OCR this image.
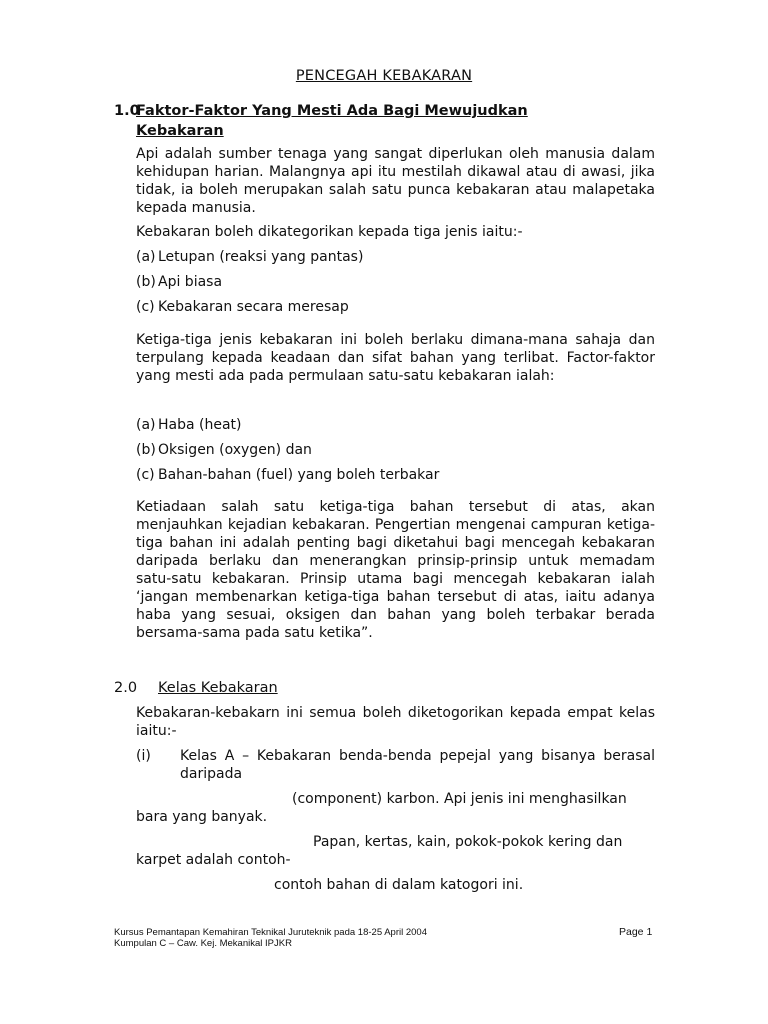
PENCEGAH KEBAKARAN
1.0Faktor-Faktor Yang Mesti Ada Bagi Mewujudkan
Kebakaran

Api adalah sumber tenaga yang sangat diperlukan oleh manusia dalam kehidupan harian. Malangnya api itu mestilah dikawal atau di awasi, jika tidak, ia boleh merupakan salah satu punca kebakaran atau malapetaka kepada manusia.

Kebakaran boleh dikategorikan kepada tiga jenis iaitu:-

(a) Letupan (reaksi yang pantas)
(b) Api biasa
(c) Kebakaran secara meresap

Ketiga-tiga jenis kebakaran ini boleh berlaku dimana-mana sahaja dan terpulang kepada keadaan dan sifat bahan yang terlibat. Factor-faktor yang mesti ada pada permulaan satu-satu kebakaran ialah:

(a) Haba (heat)
(b) Oksigen (oxygen) dan
(c) Bahan-bahan (fuel) yang boleh terbakar

Ketiadaan salah satu ketiga-tiga bahan tersebut di atas, akan menjauhkan kejadian kebakaran. Pengertian mengenai campuran ketiga-tiga bahan ini adalah penting bagi diketahui bagi mencegah kebakaran daripada berlaku dan menerangkan prinsip-prinsip untuk memadam satu-satu kebakaran. Prinsip utama bagi mencegah kebakaran ialah ‘jangan membenarkan ketiga-tiga bahan tersebut di atas, iaitu adanya haba yang sesuai, oksigen dan bahan yang boleh terbakar berada bersama-sama pada satu ketika”.

2.0 Kelas Kebakaran

Kebakaran-kebakarn ini semua boleh diketogorikan kepada empat kelas iaitu:-

(i)	Kelas A – Kebakaran benda-benda pepejal yang bisanya berasal daripada
(component) karbon. Api jenis ini menghasilkan
bara yang banyak.
Papan, kertas, kain, pokok-pokok kering dan
karpet adalah contoh-
contoh bahan di dalam katogori ini.
Kursus Pemantapan Kemahiran Teknikal Juruteknik pada 18-25 April 2004
Kumpulan C – Caw. Kej. Mekanikal IPJKR
Page 1
